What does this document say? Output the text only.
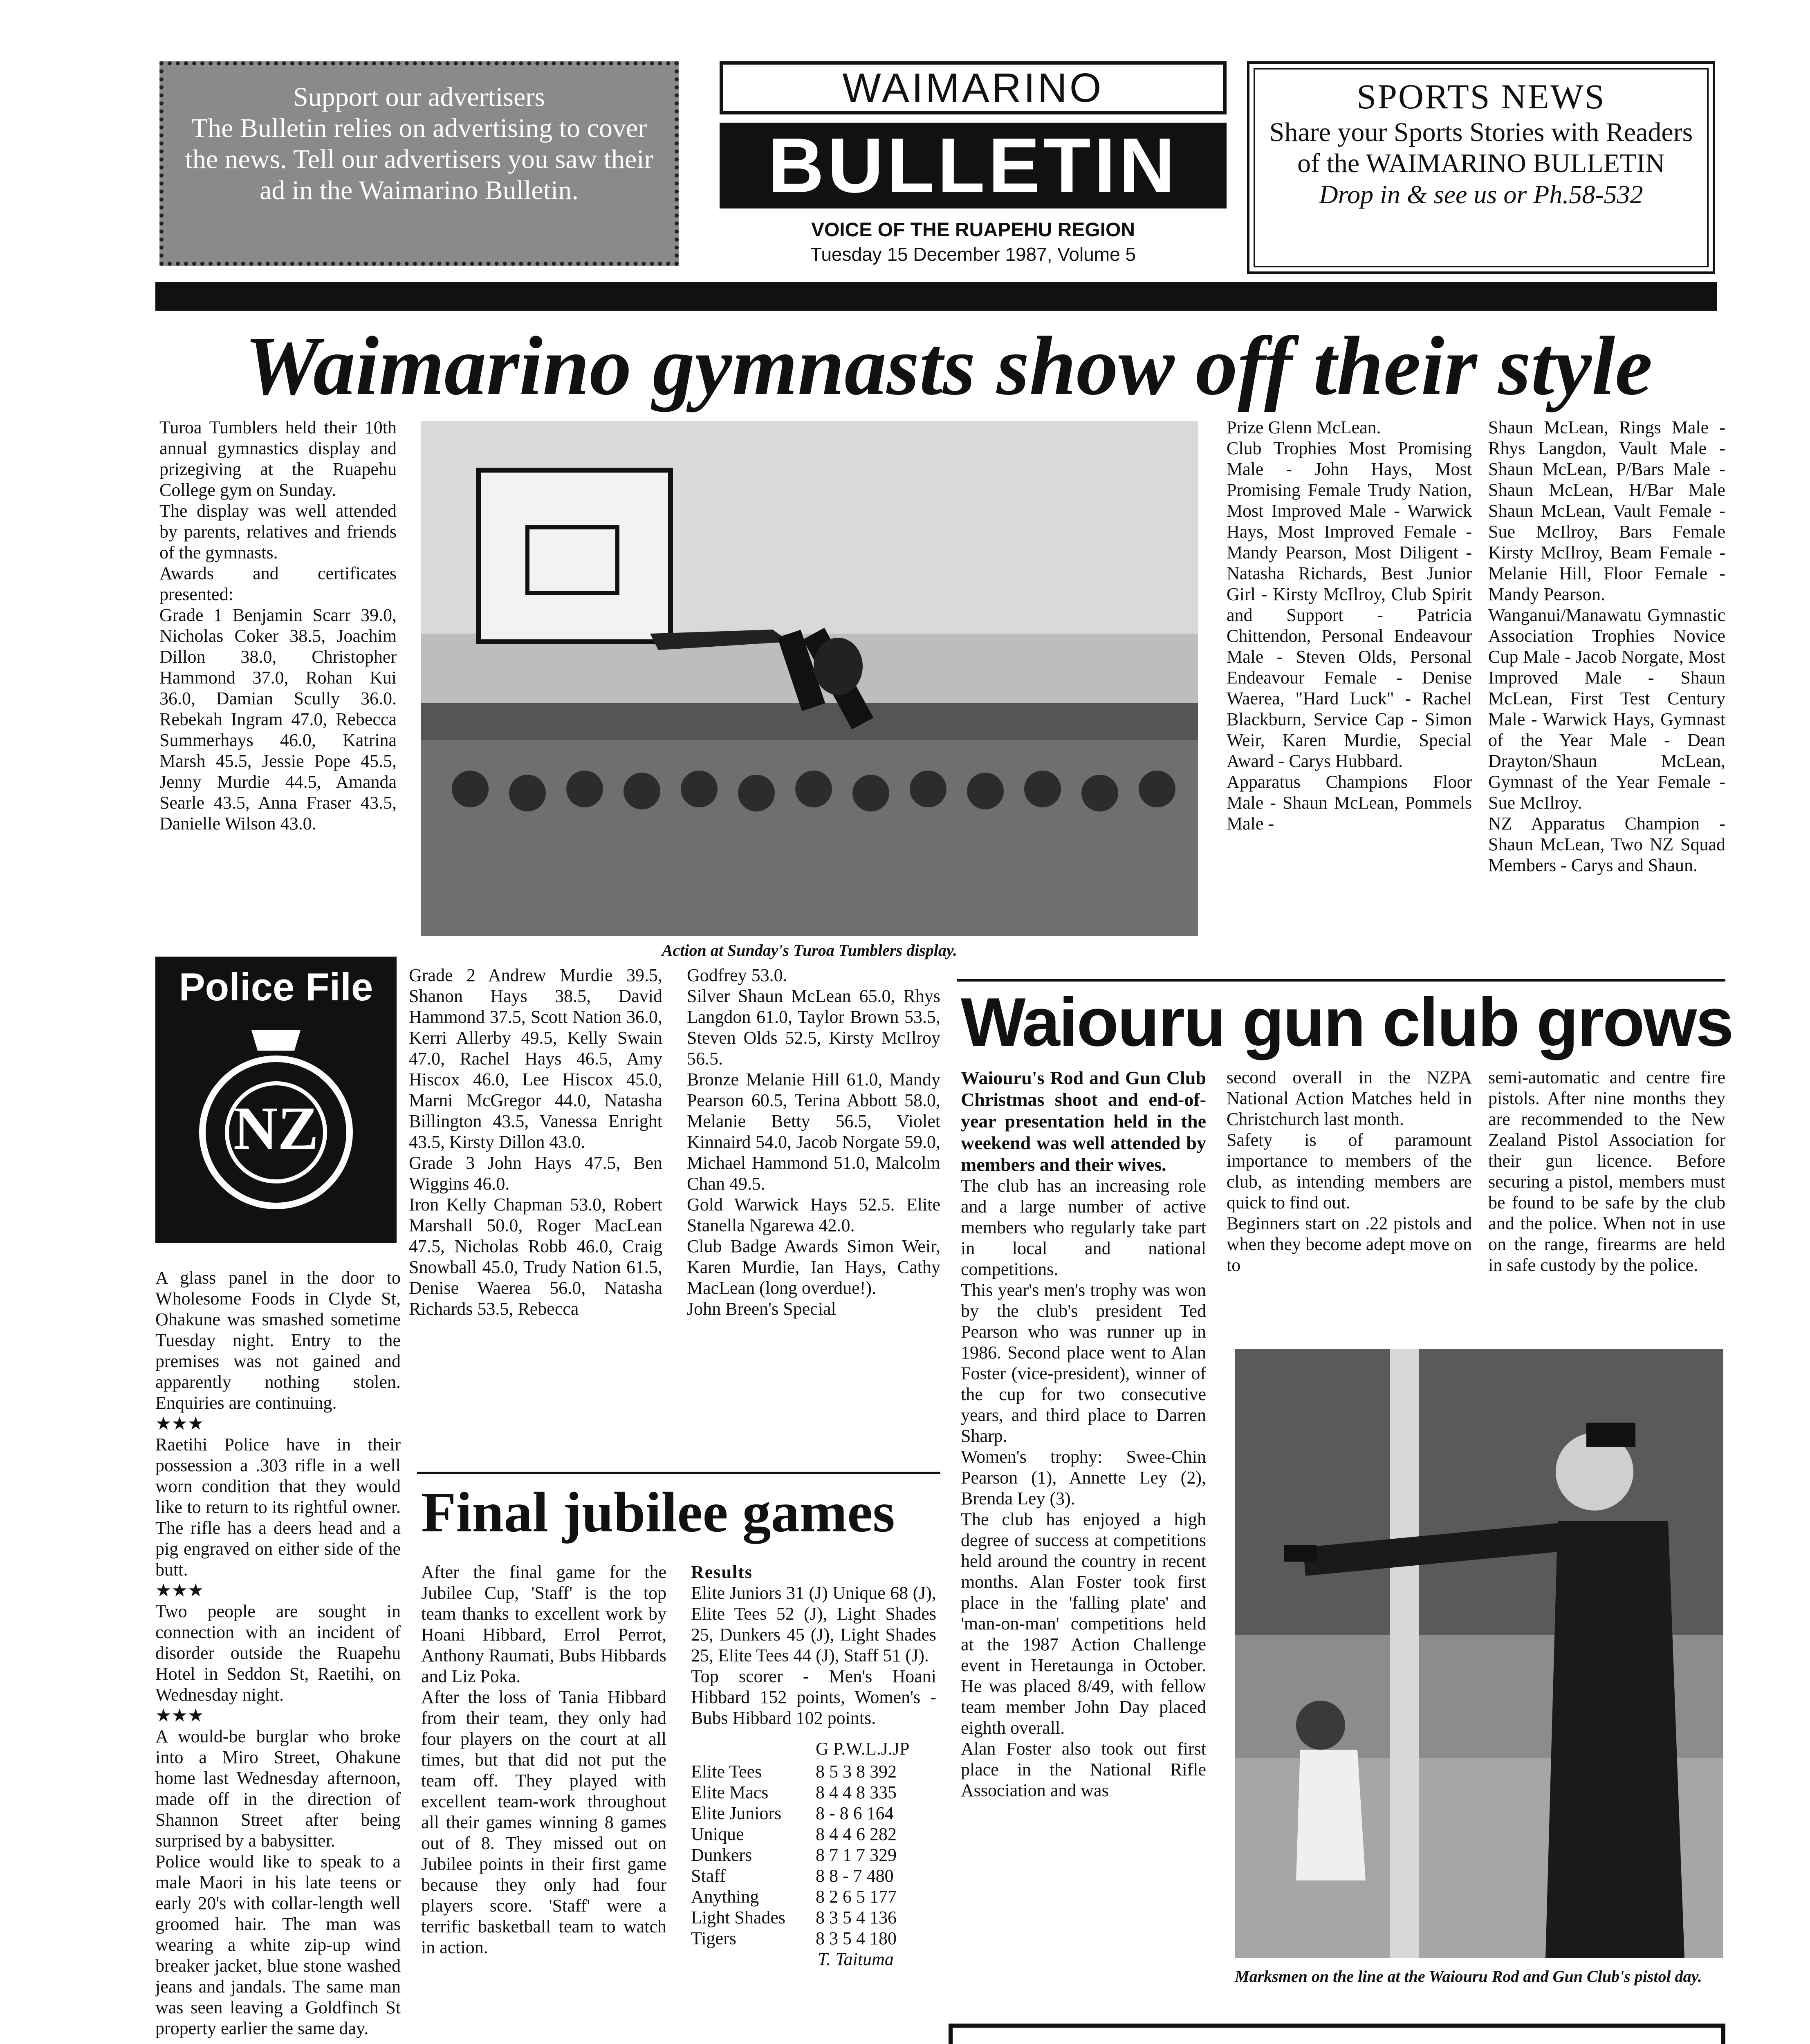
Support our advertisers
The Bulletin relies on advertising to cover the news. Tell our advertisers you saw their ad in the Waimarino Bulletin.
WAIMARINO
BULLETIN
VOICE OF THE RUAPEHU REGION
Tuesday 15 December 1987, Volume 5
SPORTS NEWS
Share your Sports Stories with Readers of the WAIMARINO BULLETIN
Drop in & see us or Ph.58-532
Waimarino gymnasts show off their style
Turoa Tumblers held their 10th annual gymnastics display and prizegiving at the Ruapehu College gym on Sunday.
The display was well attended by parents, relatives and friends of the gymnasts.
Awards and certificates presented:
Grade 1 Benjamin Scarr 39.0, Nicholas Coker 38.5, Joachim Dillon 38.0, Christopher Hammond 37.0, Rohan Kui 36.0, Damian Scully 36.0. Rebekah Ingram 47.0, Rebecca Summerhays 46.0, Katrina Marsh 45.5, Jessie Pope 45.5, Jenny Murdie 44.5, Amanda Searle 43.5, Anna Fraser 43.5, Danielle Wilson 43.0.
Action at Sunday's Turoa Tumblers display.
Grade 2 Andrew Murdie 39.5, Shanon Hays 38.5, David Hammond 37.5, Scott Nation 36.0, Kerri Allerby 49.5, Kelly Swain 47.0, Rachel Hays 46.5, Amy Hiscox 46.0, Lee Hiscox 45.0, Marni McGregor 44.0, Natasha Billington 43.5, Vanessa Enright 43.5, Kirsty Dillon 43.0.
Grade 3 John Hays 47.5, Ben Wiggins 46.0.
Iron Kelly Chapman 53.0, Robert Marshall 50.0, Roger MacLean 47.5, Nicholas Robb 46.0, Craig Snowball 45.0, Trudy Nation 61.5, Denise Waerea 56.0, Natasha Richards 53.5, Rebecca
Godfrey 53.0.
Silver Shaun McLean 65.0, Rhys Langdon 61.0, Taylor Brown 53.5, Steven Olds 52.5, Kirsty McIlroy 56.5.
Bronze Melanie Hill 61.0, Mandy Pearson 60.5, Terina Abbott 58.0, Melanie Betty 56.5, Violet Kinnaird 54.0, Jacob Norgate 59.0, Michael Hammond 51.0, Malcolm Chan 49.5.
Gold Warwick Hays 52.5. Elite Stanella Ngarewa 42.0.
Club Badge Awards Simon Weir, Karen Murdie, Ian Hays, Cathy MacLean (long overdue!).
John Breen's Special
Prize Glenn McLean.
Club Trophies Most Promising Male - John Hays, Most Promising Female Trudy Nation, Most Improved Male - Warwick Hays, Most Improved Female - Mandy Pearson, Most Diligent - Natasha Richards, Best Junior Girl - Kirsty McIlroy, Club Spirit and Support - Patricia Chittendon, Personal Endeavour Male - Steven Olds, Personal Endeavour Female - Denise Waerea, "Hard Luck" - Rachel Blackburn, Service Cap - Simon Weir, Karen Murdie, Special Award - Carys Hubbard.
Apparatus Champions Floor Male - Shaun McLean, Pommels Male -
Shaun McLean, Rings Male - Rhys Langdon, Vault Male - Shaun McLean, P/Bars Male - Shaun McLean, H/Bar Male Shaun McLean, Vault Female - Sue McIlroy, Bars Female Kirsty McIlroy, Beam Female - Melanie Hill, Floor Female - Mandy Pearson.
Wanganui/Manawatu Gymnastic Association Trophies Novice Cup Male - Jacob Norgate, Most Improved Male - Shaun McLean, First Test Century Male - Warwick Hays, Gymnast of the Year Male - Dean Drayton/Shaun McLean, Gymnast of the Year Female - Sue McIlroy.
NZ Apparatus Champion - Shaun McLean, Two NZ Squad Members - Carys and Shaun.
Police File
NZ
A glass panel in the door to Wholesome Foods in Clyde St, Ohakune was smashed sometime Tuesday night. Entry to the premises was not gained and apparently nothing stolen. Enquiries are continuing.
★★★
Raetihi Police have in their possession a .303 rifle in a well worn condition that they would like to return to its rightful owner. The rifle has a deers head and a pig engraved on either side of the butt.
★★★
Two people are sought in connection with an incident of disorder outside the Ruapehu Hotel in Seddon St, Raetihi, on Wednesday night.
★★★
A would-be burglar who broke into a Miro Street, Ohakune home last Wednesday afternoon, made off in the direction of Shannon Street after being surprised by a babysitter.
Police would like to speak to a male Maori in his late teens or early 20's with collar-length well groomed hair. The man was wearing a white zip-up wind breaker jacket, blue stone washed jeans and jandals. The same man was seen leaving a Goldfinch St property earlier the same day.
Final jubilee games
After the final game for the Jubilee Cup, 'Staff' is the top team thanks to excellent work by Hoani Hibbard, Errol Perrot, Anthony Raumati, Bubs Hibbards and Liz Poka.
After the loss of Tania Hibbard from their team, they only had four players on the court at all times, but that did not put the team off. They played with excellent team-work throughout all their games winning 8 games out of 8. They missed out on Jubilee points in their first game because they only had four players score. 'Staff' were a terrific basketball team to watch in action.
Results
Elite Juniors 31 (J) Unique 68 (J), Elite Tees 52 (J), Light Shades 25, Dunkers 45 (J), Light Shades 25, Elite Tees 44 (J), Staff 51 (J).
Top scorer - Men's Hoani Hibbard 152 points, Women's - Bubs Hibbard 102 points.
G P.W.L.J.JP
Elite Tees	8 5 3 8 392
Elite Macs	8 4 4 8 335
Elite Juniors	8 - 8 6 164
Unique	8 4 4 6 282
Dunkers	8 7 1 7 329
Staff	8 8 - 7 480
Anything	8 2 6 5 177
Light Shades	8 3 5 4 136
Tigers	8 3 5 4 180
T. Taituma
Waiouru gun club grows
Waiouru's Rod and Gun Club Christmas shoot and end-of-year presentation held in the weekend was well attended by members and their wives.
The club has an increasing role and a large number of active members who regularly take part in local and national competitions.
This year's men's trophy was won by the club's president Ted Pearson who was runner up in 1986. Second place went to Alan Foster (vice-president), winner of the cup for two consecutive years, and third place to Darren Sharp.
Women's trophy: Swee-Chin Pearson (1), Annette Ley (2), Brenda Ley (3).
The club has enjoyed a high degree of success at competitions held around the country in recent months. Alan Foster took first place in the 'falling plate' and 'man-on-man' competitions held at the 1987 Action Challenge event in Heretaunga in October. He was placed 8/49, with fellow team member John Day placed eighth overall.
Alan Foster also took out first place in the National Rifle Association and was
second overall in the NZPA National Action Matches held in Christchurch last month.
Safety is of paramount importance to members of the club, as intending members are quick to find out.
Beginners start on .22 pistols and when they become adept move on to
semi-automatic and centre fire pistols. After nine months they are recommended to the New Zealand Pistol Association for their gun licence. Before securing a pistol, members must be found to be safe by the club and the police. When not in use on the range, firearms are held in safe custody by the police.
Marksmen on the line at the Waiouru Rod and Gun Club's pistol day.
